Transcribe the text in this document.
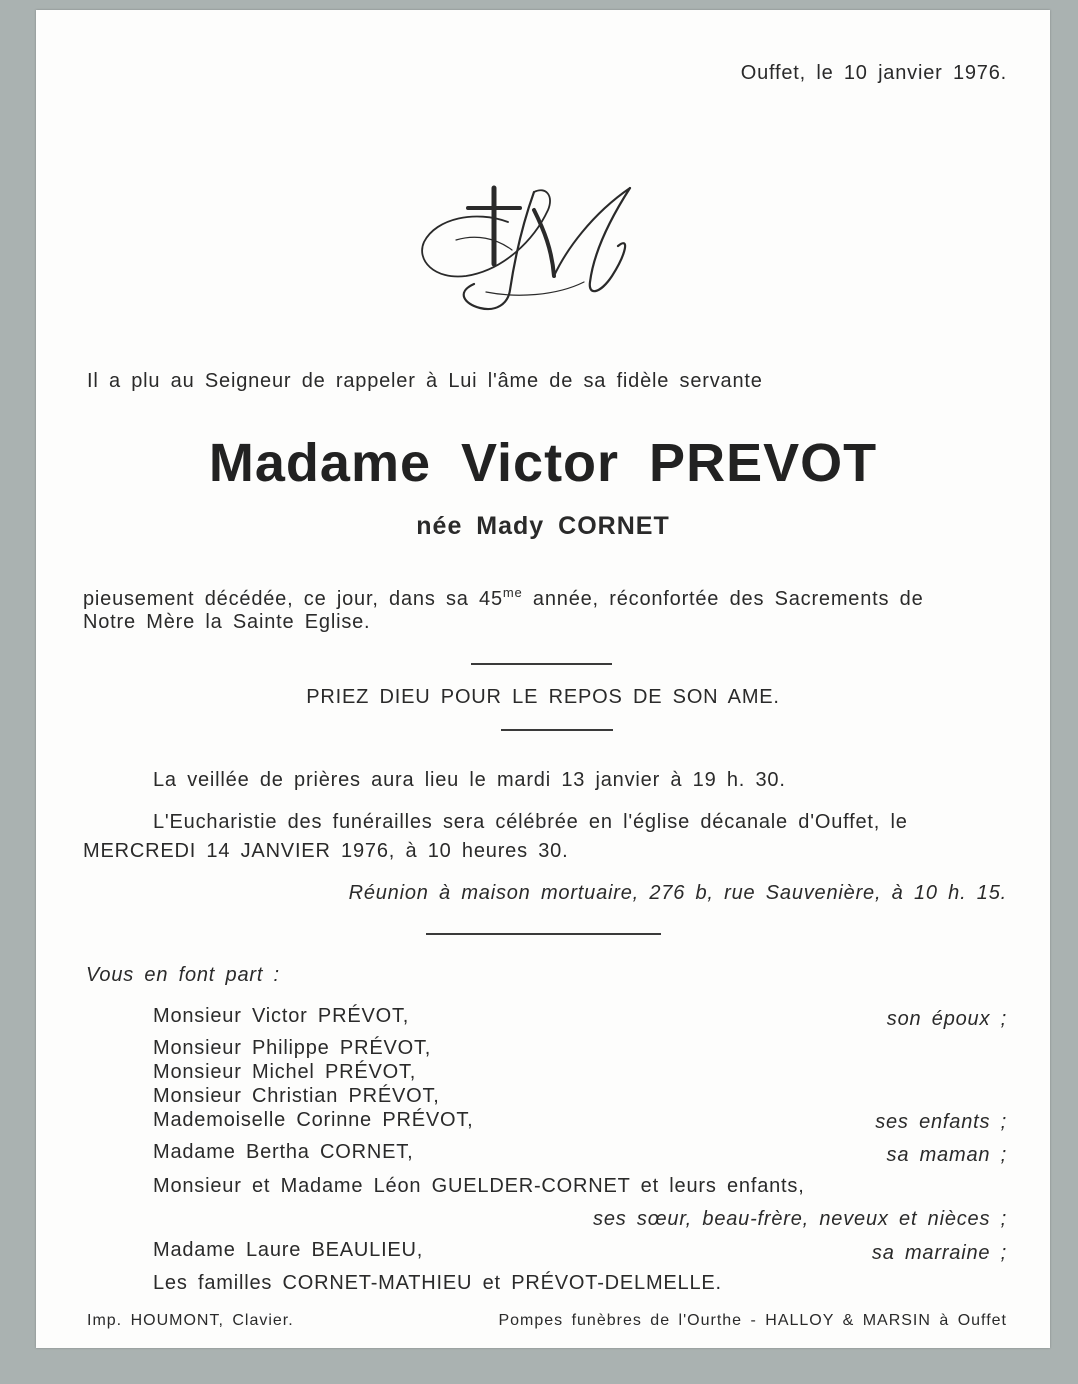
Ouffet, le 10 janvier 1976.
Il a plu au Seigneur de rappeler à Lui l'âme de sa fidèle servante
Madame Victor PREVOT
née Mady CORNET
pieusement décédée, ce jour, dans sa $45^{me}$ année, réconfortée des Sacrements de
Notre Mère la Sainte Eglise.
PRIEZ DIEU POUR LE REPOS DE SON AME.
La veillée de prières aura lieu le mardi 13 janvier à 19 h. 30.
L'Eucharistie des funérailles sera célébrée en l'église décanale d'Ouffet, le
MERCREDI 14 JANVIER 1976, à 10 heures 30.
Réunion à maison mortuaire, 276 b, rue Sauvenière, à 10 h. 15.
Vous en font part :
Monsieur Victor PRÉVOT,	son époux ;
Monsieur Philippe PRÉVOT,
Monsieur Michel PRÉVOT,
Monsieur Christian PRÉVOT,
Mademoiselle Corinne PRÉVOT,	ses enfants ;
Madame Bertha CORNET,	sa maman ;
Monsieur et Madame Léon GUELDER-CORNET et leurs enfants,
ses sœur, beau-frère, neveux et nièces ;
Madame Laure BEAULIEU,	sa marraine ;
Les familles CORNET-MATHIEU et PRÉVOT-DELMELLE.
Imp. HOUMONT, Clavier.	Pompes funèbres de l'Ourthe - HALLOY & MARSIN à Ouffet
